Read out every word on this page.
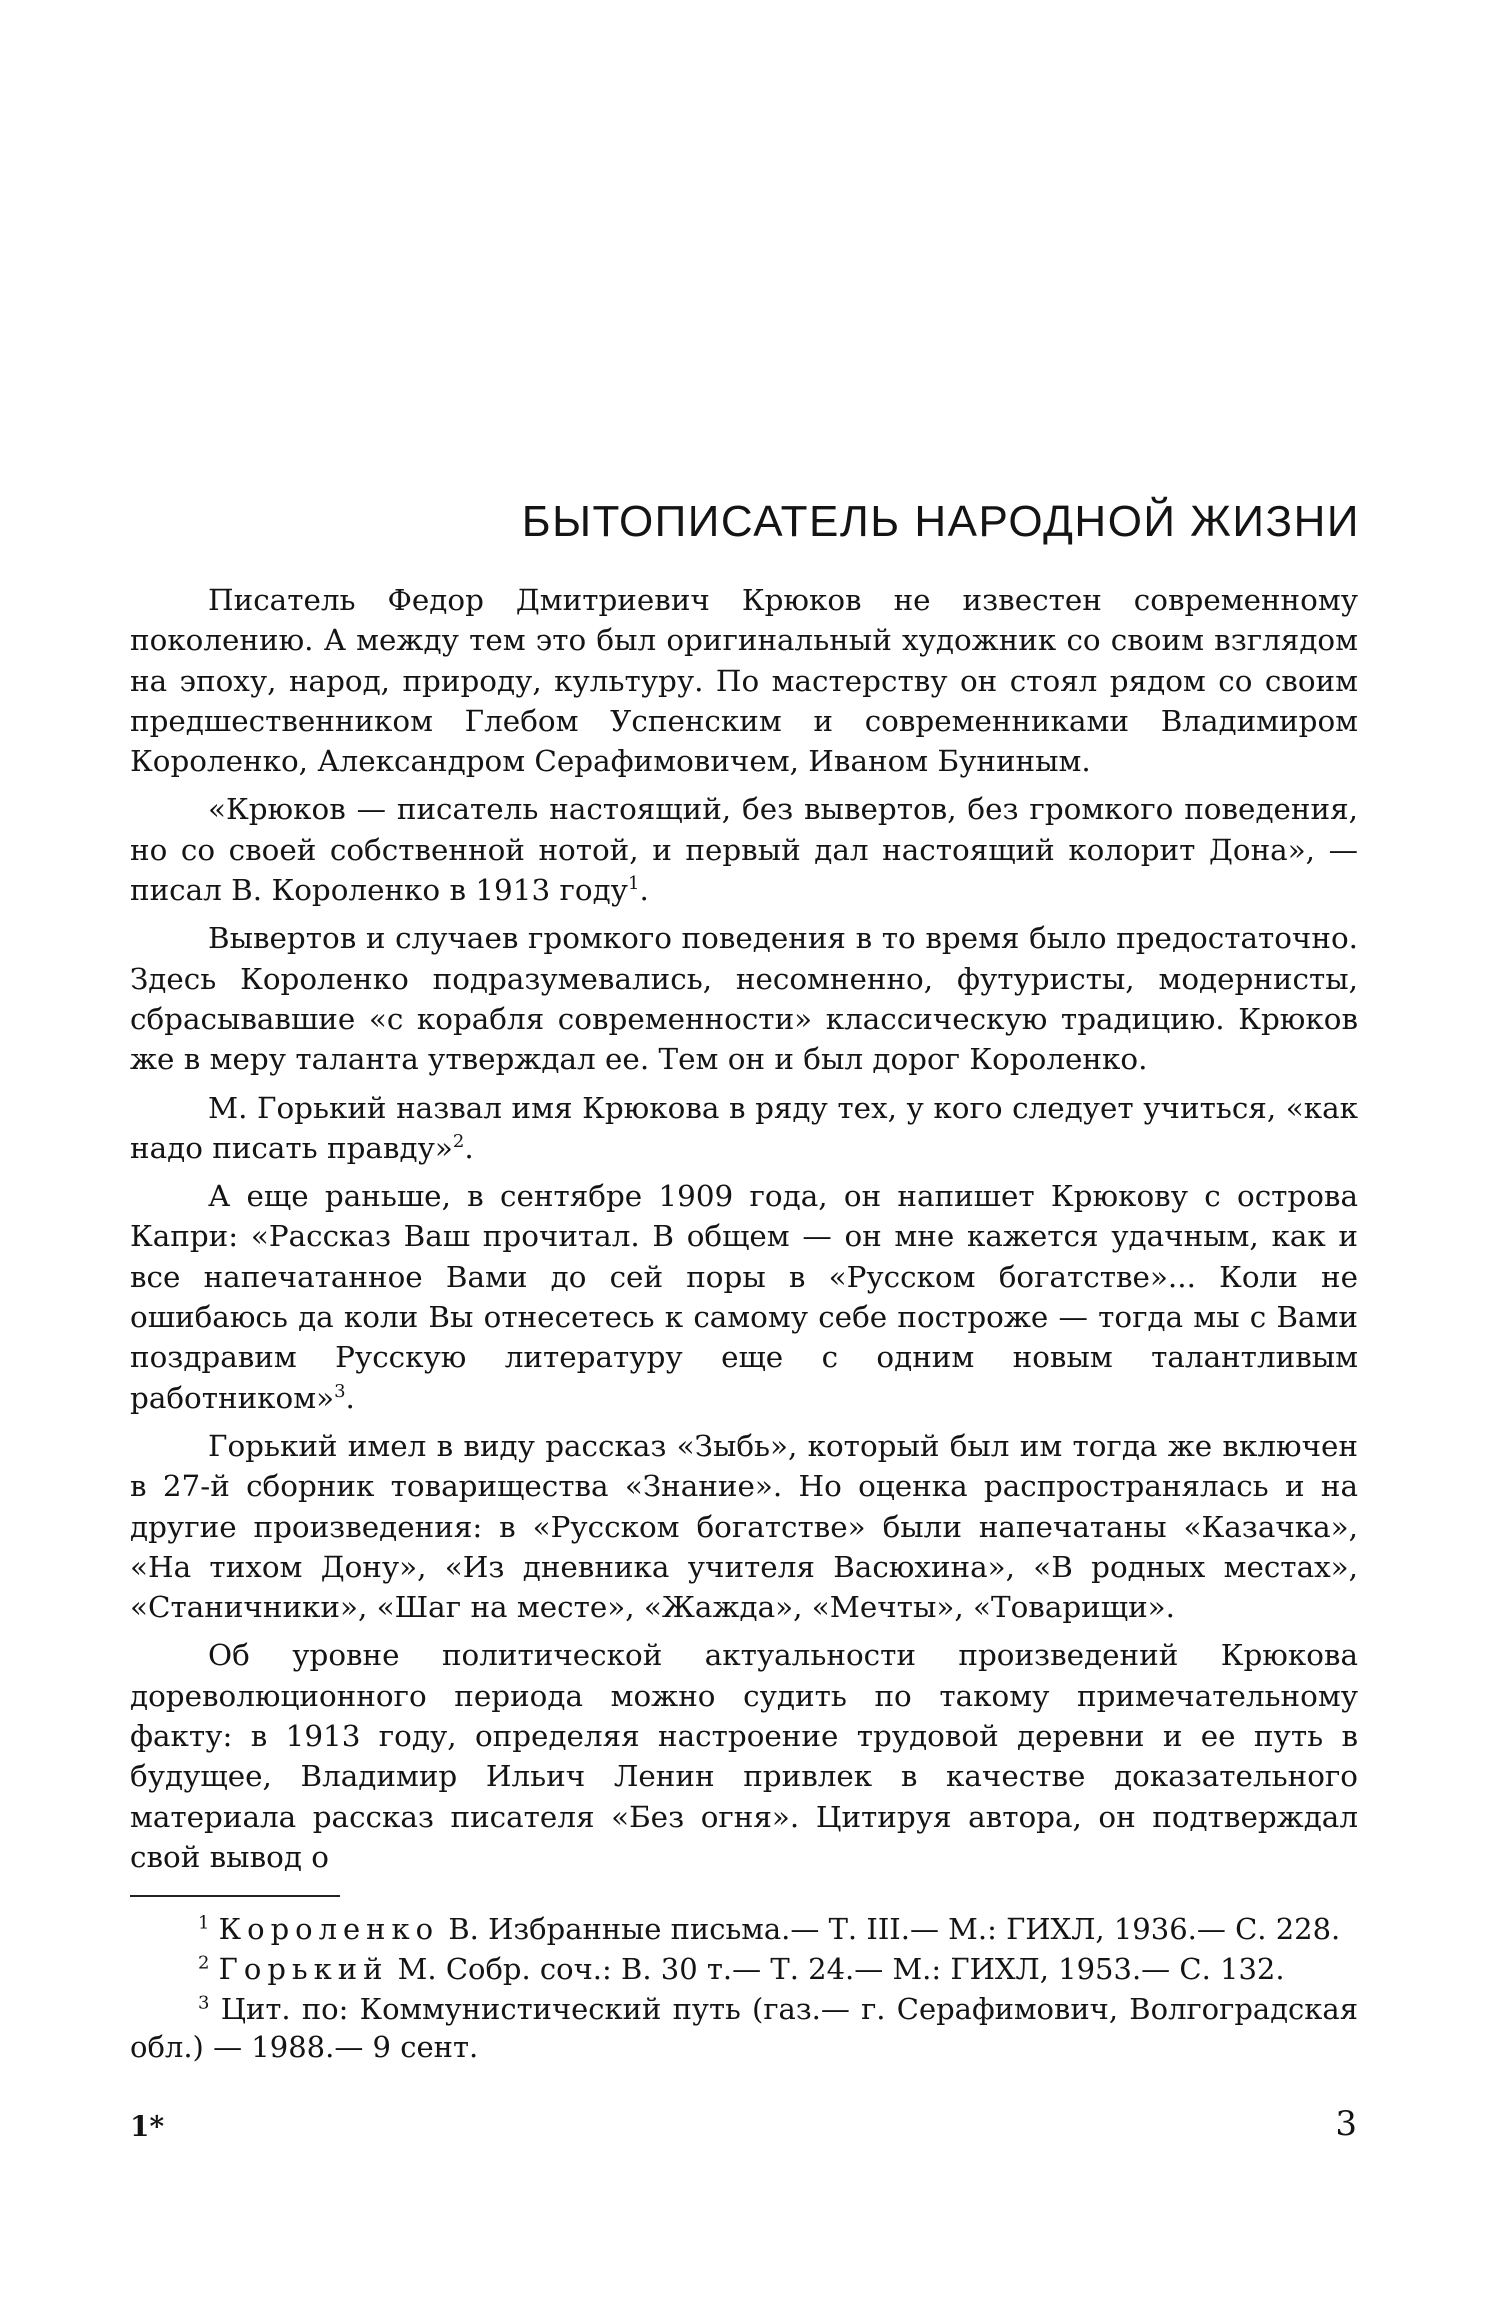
БЫТОПИСАТЕЛЬ НАРОДНОЙ ЖИЗНИ

Писатель Федор Дмитриевич Крюков не известен современному поколению. А между тем это был оригинальный художник со своим взглядом на эпоху, народ, природу, культуру. По мастерству он стоял рядом со своим предшественником Глебом Успенским и современниками Владимиром Короленко, Александром Серафимовичем, Иваном Буниным.

«Крюков — писатель настоящий, без вывертов, без громкого поведения, но со своей собственной нотой, и первый дал настоящий колорит Дона», — писал В. Короленко в 1913 году$^1$.

Вывертов и случаев громкого поведения в то время было предостаточно. Здесь Короленко подразумевались, несомненно, футуристы, модернисты, сбрасывавшие «с корабля современности» классическую традицию. Крюков же в меру таланта утверждал ее. Тем он и был дорог Короленко.

М. Горький назвал имя Крюкова в ряду тех, у кого следует учиться, «как надо писать правду»$^2$.

А еще раньше, в сентябре 1909 года, он напишет Крюкову с острова Капри: «Рассказ Ваш прочитал. В общем — он мне кажется удачным, как и все напечатанное Вами до сей поры в «Русском богатстве»... Коли не ошибаюсь да коли Вы отнесетесь к самому себе построже — тогда мы с Вами поздравим Русскую литературу еще с одним новым талантливым работником»$^3$.

Горький имел в виду рассказ «Зыбь», который был им тогда же включен в 27-й сборник товарищества «Знание». Но оценка распространялась и на другие произведения: в «Русском богатстве» были напечатаны «Казачка», «На тихом Дону», «Из дневника учителя Васюхина», «В родных местах», «Станичники», «Шаг на месте», «Жажда», «Мечты», «Товарищи».

Об уровне политической актуальности произведений Крюкова дореволюционного периода можно судить по такому примечательному факту: в 1913 году, определяя настроение трудовой деревни и ее путь в будущее, Владимир Ильич Ленин привлек в качестве доказательного материала рассказ писателя «Без огня». Цитируя автора, он подтверждал свой вывод о

$^1$ Короленко В. Избранные письма.— Т. III.— М.: ГИХЛ, 1936.— С. 228.

$^2$ Горький М. Собр. соч.: В. 30 т.— Т. 24.— М.: ГИХЛ, 1953.— С. 132.

$^3$ Цит. по: Коммунистический путь (газ.— г. Серафимович, Волгоградская обл.) — 1988.— 9 сент.

1*	3
